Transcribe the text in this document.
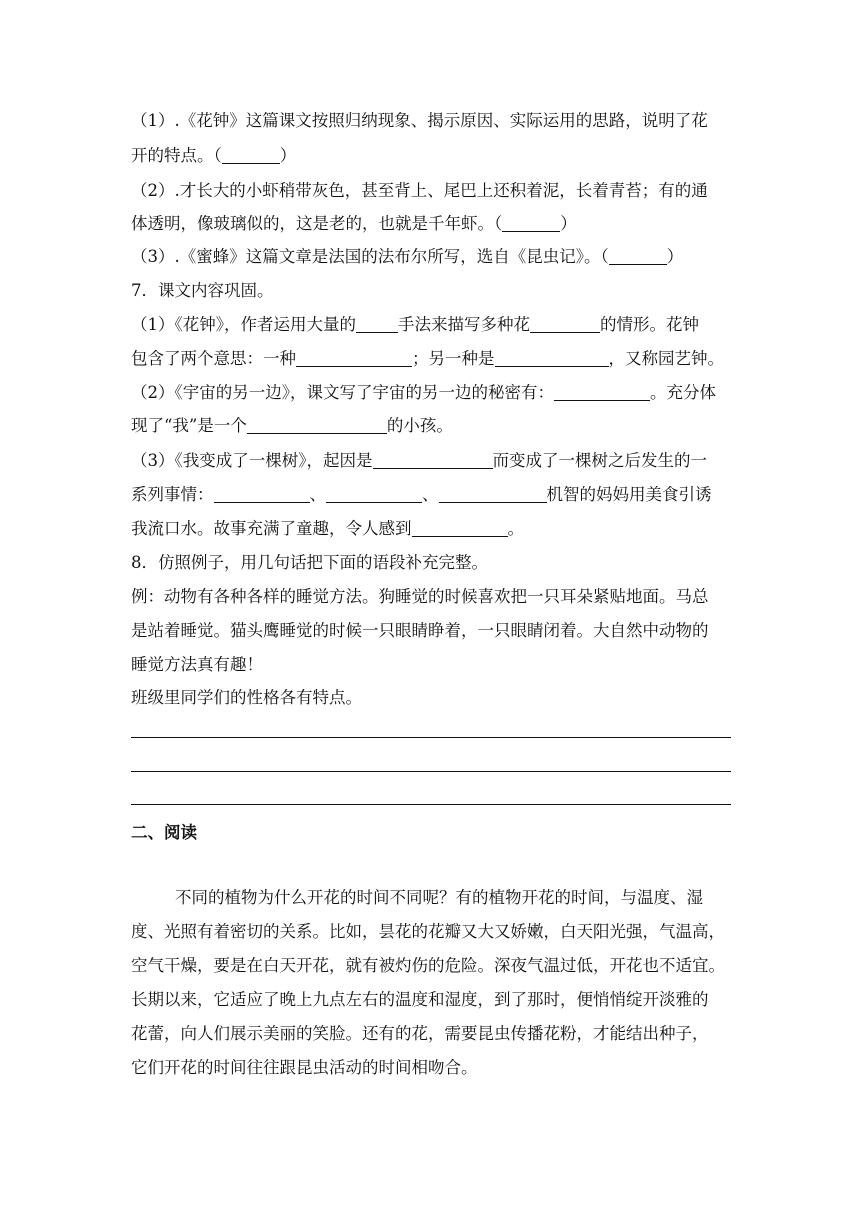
（1）.《花钟》这篇课文按照归纳现象、揭示原因、实际运用的思路，说明了花
开的特点。（	）
（2）.才长大的小虾稍带灰色，甚至背上、尾巴上还积着泥，长着青苔；有的通
体透明，像玻璃似的，这是老的，也就是千年虾。（	）
（3）.《蜜蜂》这篇文章是法国的法布尔所写，选自《昆虫记》。（	）
7．课文内容巩固。
（1）《花钟》，作者运用大量的	手法来描写多种花	的情形。花钟
包含了两个意思：一种	；另一种是	，又称园艺钟。
（2）《宇宙的另一边》，课文写了宇宙的另一边的秘密有：	。充分体
现了“我”是一个	的小孩。
（3）《我变成了一棵树》，起因是	而变成了一棵树之后发生的一
系列事情：	、	、	机智的妈妈用美食引诱
我流口水。故事充满了童趣，令人感到	。
8．仿照例子，用几句话把下面的语段补充完整。
例：动物有各种各样的睡觉方法。狗睡觉的时候喜欢把一只耳朵紧贴地面。马总
是站着睡觉。猫头鹰睡觉的时候一只眼睛睁着，一只眼睛闭着。大自然中动物的
睡觉方法真有趣！
班级里同学们的性格各有特点。
二、阅读
不同的植物为什么开花的时间不同呢？有的植物开花的时间，与温度、湿
度、光照有着密切的关系。比如，昙花的花瓣又大又娇嫩，白天阳光强，气温高，
空气干燥，要是在白天开花，就有被灼伤的危险。深夜气温过低，开花也不适宜。
长期以来，它适应了晚上九点左右的温度和湿度，到了那时，便悄悄绽开淡雅的
花蕾，向人们展示美丽的笑脸。还有的花，需要昆虫传播花粉，才能结出种子，
它们开花的时间往往跟昆虫活动的时间相吻合。
